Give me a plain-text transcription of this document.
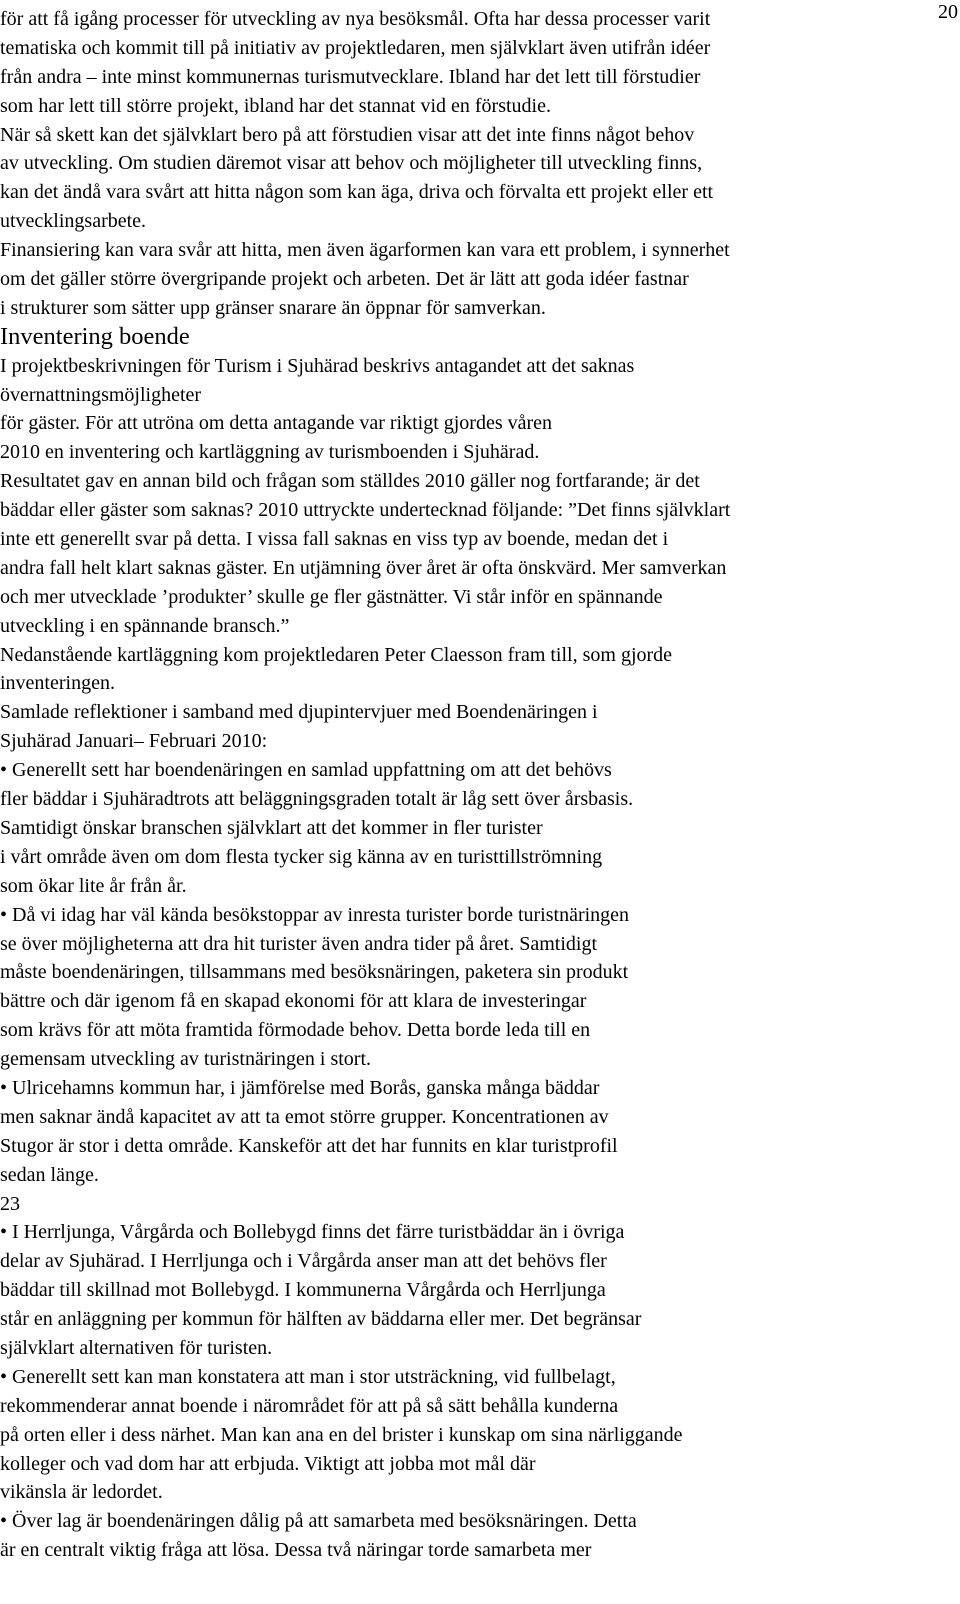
20
för att få igång processer för utveckling av nya besöksmål. Ofta har dessa processer varit
tematiska och kommit till på initiativ av projektledaren, men självklart även utifrån idéer
från andra – inte minst kommunernas turismutvecklare. Ibland har det lett till förstudier
som har lett till större projekt, ibland har det stannat vid en förstudie.
När så skett kan det självklart bero på att förstudien visar att det inte finns något behov
av utveckling. Om studien däremot visar att behov och möjligheter till utveckling finns,
kan det ändå vara svårt att hitta någon som kan äga, driva och förvalta ett projekt eller ett
utvecklingsarbete.
Finansiering kan vara svår att hitta, men även ägarformen kan vara ett problem, i synnerhet
om det gäller större övergripande projekt och arbeten. Det är lätt att goda idéer fastnar
i strukturer som sätter upp gränser snarare än öppnar för samverkan.
Inventering boende
I projektbeskrivningen för Turism i Sjuhärad beskrivs antagandet att det saknas
övernattningsmöjligheter
för gäster. För att utröna om detta antagande var riktigt gjordes våren
2010 en inventering och kartläggning av turismboenden i Sjuhärad.
Resultatet gav en annan bild och frågan som ställdes 2010 gäller nog fortfarande; är det
bäddar eller gäster som saknas? 2010 uttryckte undertecknad följande: ”Det finns självklart
inte ett generellt svar på detta. I vissa fall saknas en viss typ av boende, medan det i
andra fall helt klart saknas gäster. En utjämning över året är ofta önskvärd. Mer samverkan
och mer utvecklade ’produkter’ skulle ge fler gästnätter. Vi står inför en spännande
utveckling i en spännande bransch.”
Nedanstående kartläggning kom projektledaren Peter Claesson fram till, som gjorde
inventeringen.
Samlade reflektioner i samband med djupintervjuer med Boendenäringen i
Sjuhärad Januari– Februari 2010:
• Generellt sett har boendenäringen en samlad uppfattning om att det behövs
fler bäddar i Sjuhäradtrots att beläggningsgraden totalt är låg sett över årsbasis.
Samtidigt önskar branschen självklart att det kommer in fler turister
i vårt område även om dom flesta tycker sig känna av en turisttillströmning
som ökar lite år från år.
• Då vi idag har väl kända besökstoppar av inresta turister borde turistnäringen
se över möjligheterna att dra hit turister även andra tider på året. Samtidigt
måste boendenäringen, tillsammans med besöksnäringen, paketera sin produkt
bättre och där igenom få en skapad ekonomi för att klara de investeringar
som krävs för att möta framtida förmodade behov. Detta borde leda till en
gemensam utveckling av turistnäringen i stort.
• Ulricehamns kommun har, i jämförelse med Borås, ganska många bäddar
men saknar ändå kapacitet av att ta emot större grupper. Koncentrationen av
Stugor är stor i detta område. Kanskeför att det har funnits en klar turistprofil
sedan länge.
23
• I Herrljunga, Vårgårda och Bollebygd finns det färre turistbäddar än i övriga
delar av Sjuhärad. I Herrljunga och i Vårgårda anser man att det behövs fler
bäddar till skillnad mot Bollebygd. I kommunerna Vårgårda och Herrljunga
står en anläggning per kommun för hälften av bäddarna eller mer. Det begränsar
självklart alternativen för turisten.
• Generellt sett kan man konstatera att man i stor utsträckning, vid fullbelagt,
rekommenderar annat boende i närområdet för att på så sätt behålla kunderna
på orten eller i dess närhet. Man kan ana en del brister i kunskap om sina närliggande
kolleger och vad dom har att erbjuda. Viktigt att jobba mot mål där
vikänsla är ledordet.
• Över lag är boendenäringen dålig på att samarbeta med besöksnäringen. Detta
är en centralt viktig fråga att lösa. Dessa två näringar torde samarbeta mer
